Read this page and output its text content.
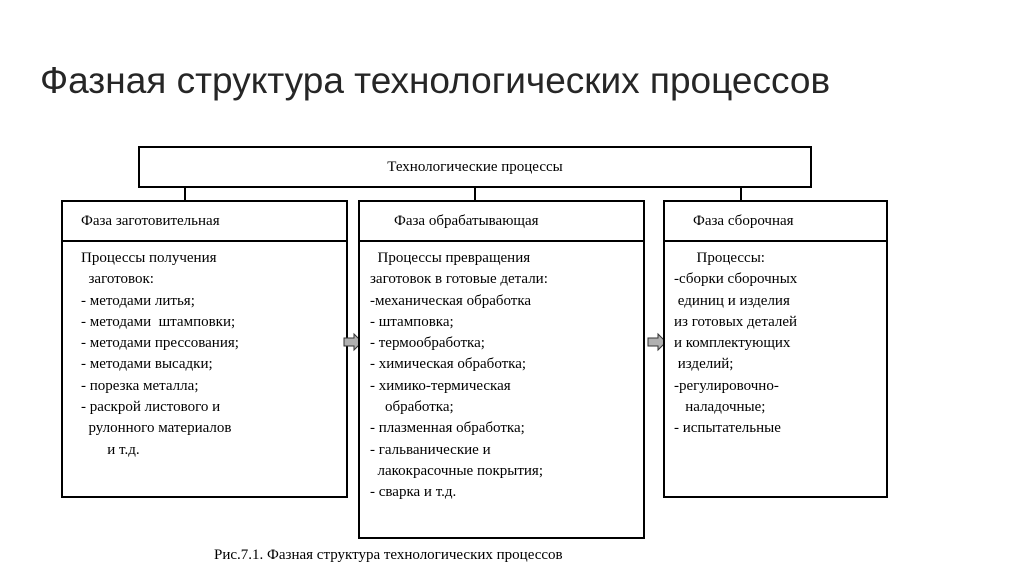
Фазная структура технологических процессов
Технологические процессы
Фаза заготовительная
Процессы получения
заготовок:
- методами литья;
- методами  штамповки;
- методами прессования;
- методами высадки;
- порезка металла;
- раскрой листового и
рулонного материалов
и т.д.
Фаза обрабатывающая
Процессы превращения
заготовок в готовые детали:
-механическая обработка
- штамповка;
- термообработка;
- химическая обработка;
- химико-термическая
обработка;
- плазменная обработка;
- гальванические и
лакокрасочные покрытия;
- сварка и т.д.
Фаза сборочная
Процессы:
-сборки сборочных
единиц и изделия
из готовых деталей
и комплектующих
изделий;
-регулировочно-
наладочные;
- испытательные
Рис.7.1. Фазная структура технологических процессов
